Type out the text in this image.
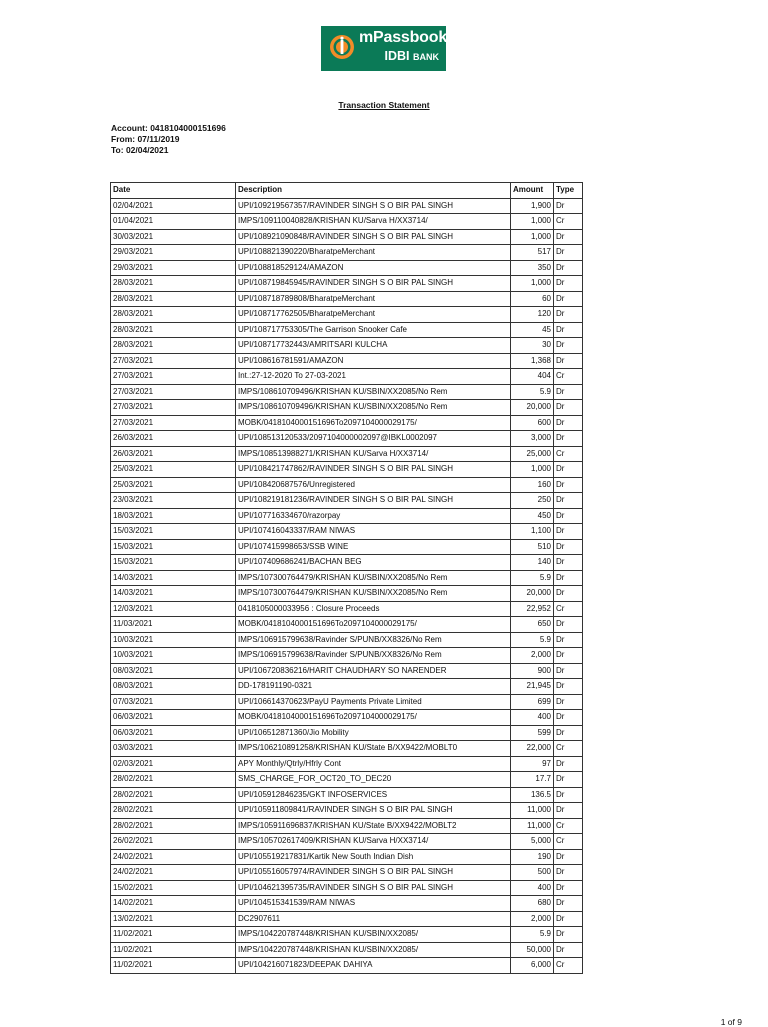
mPassbook
IDBI BANK
Transaction Statement
Account: 0418104000151696
From: 07/11/2019
To: 02/04/2021
Date	Description	Amount	Type
02/04/2021	UPI/109219567357/RAVINDER SINGH S O BIR PAL SINGH	1,900	Dr
01/04/2021	IMPS/109110040828/KRISHAN KU/Sarva H/XX3714/	1,000	Cr
30/03/2021	UPI/108921090848/RAVINDER SINGH S O BIR PAL SINGH	1,000	Dr
29/03/2021	UPI/108821390220/BharatpeMerchant	517	Dr
29/03/2021	UPI/108818529124/AMAZON	350	Dr
28/03/2021	UPI/108719845945/RAVINDER SINGH S O BIR PAL SINGH	1,000	Dr
28/03/2021	UPI/108718789808/BharatpeMerchant	60	Dr
28/03/2021	UPI/108717762505/BharatpeMerchant	120	Dr
28/03/2021	UPI/108717753305/The Garrison Snooker Cafe	45	Dr
28/03/2021	UPI/108717732443/AMRITSARI KULCHA	30	Dr
27/03/2021	UPI/108616781591/AMAZON	1,368	Dr
27/03/2021	Int.:27-12-2020 To 27-03-2021	404	Cr
27/03/2021	IMPS/108610709496/KRISHAN KU/SBIN/XX2085/No Rem	5.9	Dr
27/03/2021	IMPS/108610709496/KRISHAN KU/SBIN/XX2085/No Rem	20,000	Dr
27/03/2021	MOBK/0418104000151696To2097104000029175/	600	Dr
26/03/2021	UPI/108513120533/2097104000002097@IBKL0002097	3,000	Dr
26/03/2021	IMPS/108513988271/KRISHAN KU/Sarva H/XX3714/	25,000	Cr
25/03/2021	UPI/108421747862/RAVINDER SINGH S O BIR PAL SINGH	1,000	Dr
25/03/2021	UPI/108420687576/Unregistered	160	Dr
23/03/2021	UPI/108219181236/RAVINDER SINGH S O BIR PAL SINGH	250	Dr
18/03/2021	UPI/107716334670/razorpay	450	Dr
15/03/2021	UPI/107416043337/RAM NIWAS	1,100	Dr
15/03/2021	UPI/107415998653/SSB WINE	510	Dr
15/03/2021	UPI/107409686241/BACHAN BEG	140	Dr
14/03/2021	IMPS/107300764479/KRISHAN KU/SBIN/XX2085/No Rem	5.9	Dr
14/03/2021	IMPS/107300764479/KRISHAN KU/SBIN/XX2085/No Rem	20,000	Dr
12/03/2021	0418105000033956 : Closure Proceeds	22,952	Cr
11/03/2021	MOBK/0418104000151696To2097104000029175/	650	Dr
10/03/2021	IMPS/106915799638/Ravinder S/PUNB/XX8326/No Rem	5.9	Dr
10/03/2021	IMPS/106915799638/Ravinder S/PUNB/XX8326/No Rem	2,000	Dr
08/03/2021	UPI/106720836216/HARIT CHAUDHARY SO NARENDER	900	Dr
08/03/2021	DD-178191190-0321	21,945	Dr
07/03/2021	UPI/106614370623/PayU Payments Private Limited	699	Dr
06/03/2021	MOBK/0418104000151696To2097104000029175/	400	Dr
06/03/2021	UPI/106512871360/Jio Mobility	599	Dr
03/03/2021	IMPS/106210891258/KRISHAN KU/State B/XX9422/MOBLT0	22,000	Cr
02/03/2021	APY Monthly/Qtrly/Hfrly Cont	97	Dr
28/02/2021	SMS_CHARGE_FOR_OCT20_TO_DEC20	17.7	Dr
28/02/2021	UPI/105912846235/GKT INFOSERVICES	136.5	Dr
28/02/2021	UPI/105911809841/RAVINDER SINGH S O BIR PAL SINGH	11,000	Dr
28/02/2021	IMPS/105911696837/KRISHAN KU/State B/XX9422/MOBLT2	11,000	Cr
26/02/2021	IMPS/105702617409/KRISHAN KU/Sarva H/XX3714/	5,000	Cr
24/02/2021	UPI/105519217831/Kartik New South Indian Dish	190	Dr
24/02/2021	UPI/105516057974/RAVINDER SINGH S O BIR PAL SINGH	500	Dr
15/02/2021	UPI/104621395735/RAVINDER SINGH S O BIR PAL SINGH	400	Dr
14/02/2021	UPI/104515341539/RAM NIWAS	680	Dr
13/02/2021	DC2907611	2,000	Dr
11/02/2021	IMPS/104220787448/KRISHAN KU/SBIN/XX2085/	5.9	Dr
11/02/2021	IMPS/104220787448/KRISHAN KU/SBIN/XX2085/	50,000	Dr
11/02/2021	UPI/104216071823/DEEPAK DAHIYA	6,000	Cr
1 of 9
